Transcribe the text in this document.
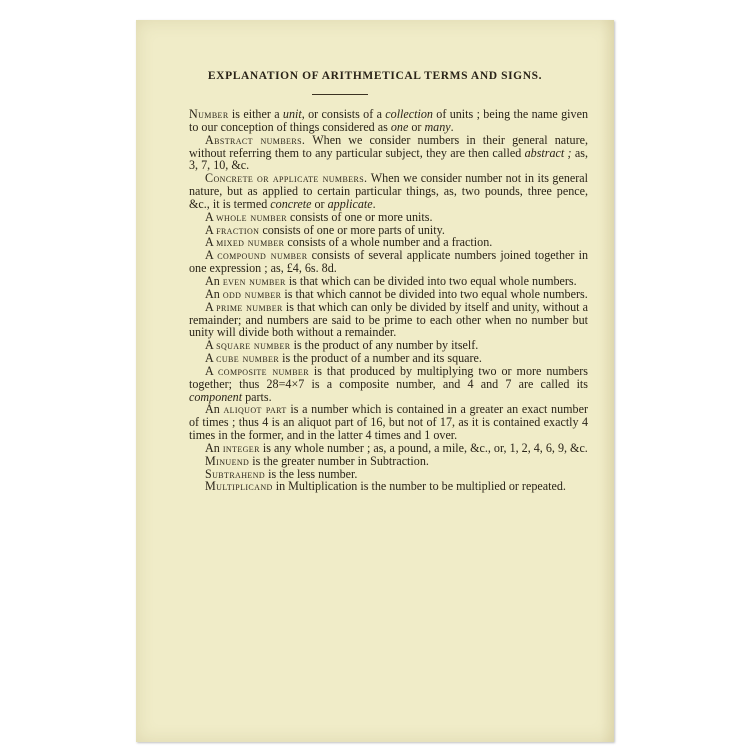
EXPLANATION OF ARITHMETICAL TERMS AND SIGNS.

Number is either a unit, or consists of a collection of units ; being the name given to our conception of things considered as one or many.

Abstract numbers. When we consider numbers in their general nature, without referring them to any particular subject, they are then called abstract ; as, 3, 7, 10, &c.

Concrete or applicate numbers. When we consider number not in its general nature, but as applied to certain particular things, as, two pounds, three pence, &c., it is termed concrete or applicate.

A whole number consists of one or more units.

A fraction consists of one or more parts of unity.

A mixed number consists of a whole number and a fraction.

A compound number consists of several applicate numbers joined together in one expression ; as, £4, 6s. 8d.

An even number is that which can be divided into two equal whole numbers.

An odd number is that which cannot be divided into two equal whole numbers.

A prime number is that which can only be divided by itself and unity, without a remainder; and numbers are said to be prime to each other when no number but unity will divide both without a remainder.

A square number is the product of any number by itself.

A cube number is the product of a number and its square.

A composite number is that produced by multiplying two or more numbers together; thus 28=4×7 is a composite number, and 4 and 7 are called its component parts.

An aliquot part is a number which is contained in a greater an exact number of times ; thus 4 is an aliquot part of 16, but not of 17, as it is contained exactly 4 times in the former, and in the latter 4 times and 1 over.

An integer is any whole number ; as, a pound, a mile, &c., or, 1, 2, 4, 6, 9, &c.

Minuend is the greater number in Subtraction.

Subtrahend is the less number.

Multiplicand in Multiplication is the number to be multiplied or repeated.
